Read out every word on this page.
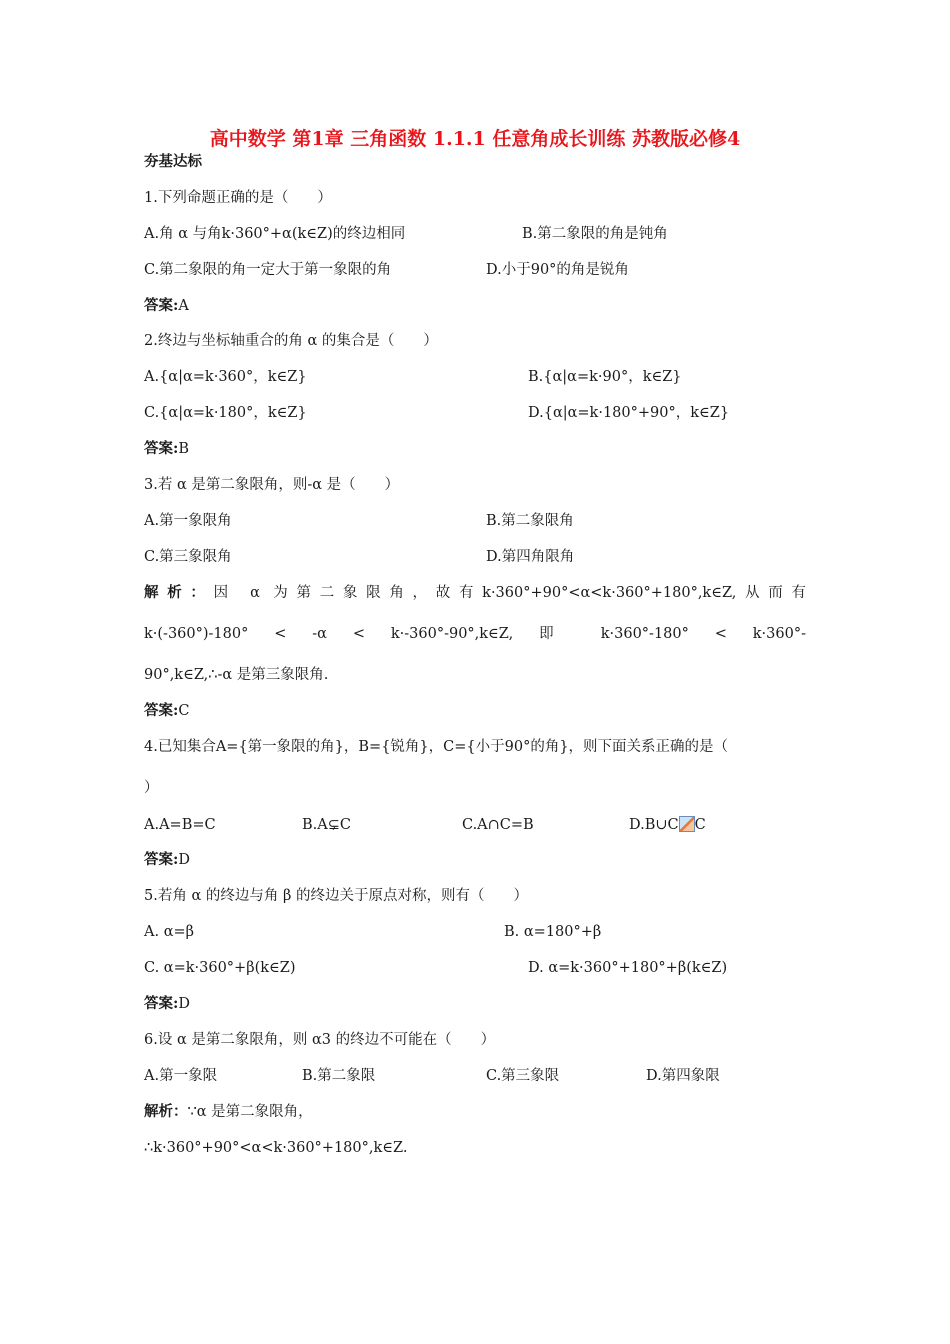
高中数学 第1章 三角函数 1.1.1 任意角成长训练 苏教版必修4
夯基达标
1.下列命题正确的是（　　）
A.角 α 与角k·360°+α(k∈Z)的终边相同	B.第二象限的角是钝角
C.第二象限的角一定大于第一象限的角	D.小于90°的角是锐角
答案:A
2.终边与坐标轴重合的角 α 的集合是（　　）
A.{α|α=k·360°，k∈Z}	B.{α|α=k·90°，k∈Z}
C.{α|α=k·180°，k∈Z}	D.{α|α=k·180°+90°，k∈Z}
答案:B
3.若 α 是第二象限角，则-α 是（　　）
A.第一象限角	B.第二象限角
C.第三象限角	D.第四角限角
解析：因 α 为第二象限角，故有k·360°+90°<α<k·360°+180°,k∈Z,从而有
k·(-360°)-180° < -α < k·-360°-90°,k∈Z, 即 k·360°-180° < k·360°-
90°,k∈Z,∴-α 是第三象限角.
答案:C
4.已知集合A={第一象限的角}，B={锐角}，C={小于90°的角}，则下面关系正确的是（
）
A.A=B=C	B.A⊊C	C.A∩C=B	D.B∪C C
答案:D
5.若角 α 的终边与角 β 的终边关于原点对称，则有（　　）
A. α=β	B. α=180°+β
C. α=k·360°+β(k∈Z)	D. α=k·360°+180°+β(k∈Z)
答案:D
6.设 α 是第二象限角，则 α3 的终边不可能在（　　）
A.第一象限	B.第二象限	C.第三象限	D.第四象限
解析：∵α 是第二象限角，
∴k·360°+90°<α<k·360°+180°,k∈Z.
